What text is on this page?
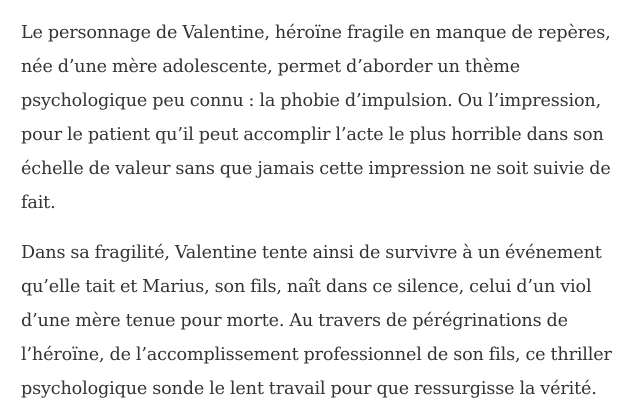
Le personnage de Valentine, héroïne fragile en manque de repères,
née d’une mère adolescente, permet d’aborder un thème
psychologique peu connu : la phobie d’impulsion. Ou l’impression,
pour le patient qu’il peut accomplir l’acte le plus horrible dans son
échelle de valeur sans que jamais cette impression ne soit suivie de
fait.

Dans sa fragilité, Valentine tente ainsi de survivre à un événement
qu’elle tait et Marius, son fils, naît dans ce silence, celui d’un viol
d’une mère tenue pour morte. Au travers de pérégrinations de
l’héroïne, de l’accomplissement professionnel de son fils, ce thriller
psychologique sonde le lent travail pour que ressurgisse la vérité.
